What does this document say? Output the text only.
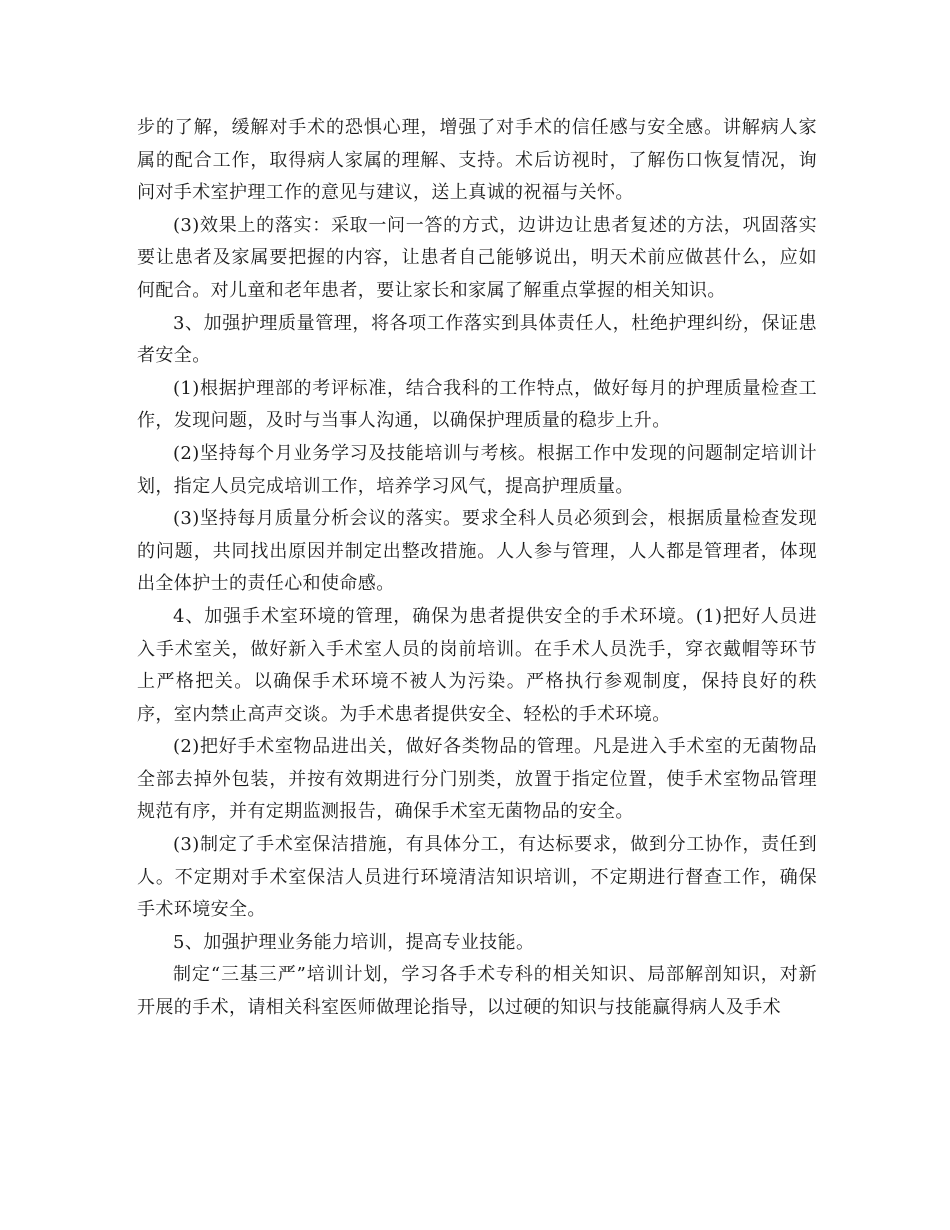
步的了解，缓解对手术的恐惧心理，增强了对手术的信任感与安全感。讲解病人家属的配合工作，取得病人家属的理解、支持。术后访视时，了解伤口恢复情况，询问对手术室护理工作的意见与建议，送上真诚的祝福与关怀。

(3)效果上的落实：采取一问一答的方式，边讲边让患者复述的方法，巩固落实要让患者及家属要把握的内容，让患者自己能够说出，明天术前应做甚什么，应如何配合。对儿童和老年患者，要让家长和家属了解重点掌握的相关知识。

3、加强护理质量管理，将各项工作落实到具体责任人，杜绝护理纠纷，保证患者安全。

(1)根据护理部的考评标准，结合我科的工作特点，做好每月的护理质量检查工作，发现问题，及时与当事人沟通，以确保护理质量的稳步上升。

(2)坚持每个月业务学习及技能培训与考核。根据工作中发现的问题制定培训计划，指定人员完成培训工作，培养学习风气，提高护理质量。

(3)坚持每月质量分析会议的落实。要求全科人员必须到会，根据质量检查发现的问题，共同找出原因并制定出整改措施。人人参与管理，人人都是管理者，体现出全体护士的责任心和使命感。

4、加强手术室环境的管理，确保为患者提供安全的手术环境。(1)把好人员进入手术室关，做好新入手术室人员的岗前培训。在手术人员洗手，穿衣戴帽等环节上严格把关。以确保手术环境不被人为污染。严格执行参观制度，保持良好的秩序，室内禁止高声交谈。为手术患者提供安全、轻松的手术环境。

(2)把好手术室物品进出关，做好各类物品的管理。凡是进入手术室的无菌物品全部去掉外包装，并按有效期进行分门别类，放置于指定位置，使手术室物品管理规范有序，并有定期监测报告，确保手术室无菌物品的安全。

(3)制定了手术室保洁措施，有具体分工，有达标要求，做到分工协作，责任到人。不定期对手术室保洁人员进行环境清洁知识培训，不定期进行督查工作，确保手术环境安全。

5、加强护理业务能力培训，提高专业技能。

制定“三基三严”培训计划，学习各手术专科的相关知识、局部解剖知识，对新开展的手术，请相关科室医师做理论指导，以过硬的知识与技能赢得病人及手术
